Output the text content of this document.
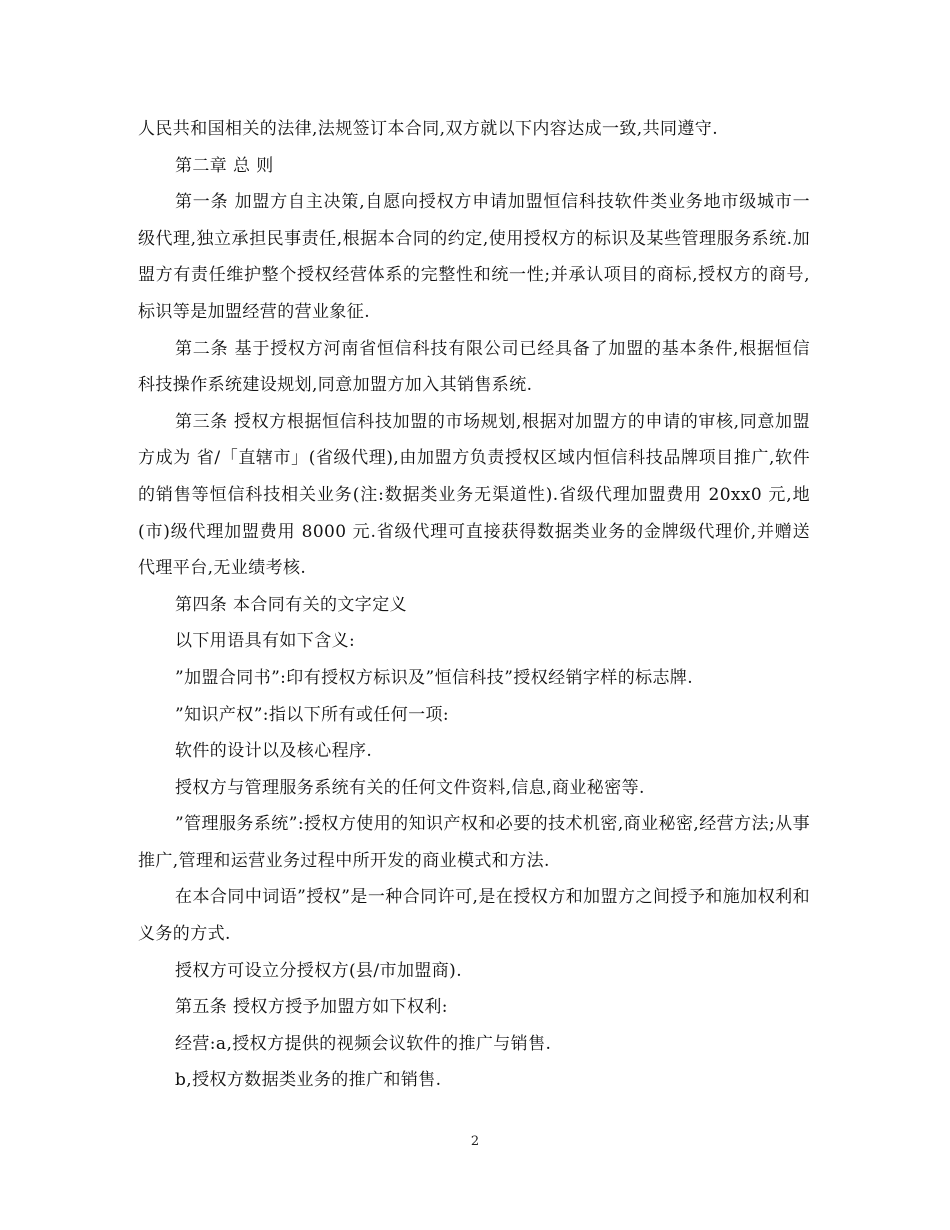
人民共和国相关的法律,法规签订本合同,双方就以下内容达成一致,共同遵守.

第二章 总 则

第一条 加盟方自主决策,自愿向授权方申请加盟恒信科技软件类业务地市级城市一级代理,独立承担民事责任,根据本合同的约定,使用授权方的标识及某些管理服务系统.加盟方有责任维护整个授权经营体系的完整性和统一性;并承认项目的商标,授权方的商号,标识等是加盟经营的营业象征.

第二条 基于授权方河南省恒信科技有限公司已经具备了加盟的基本条件,根据恒信科技操作系统建设规划,同意加盟方加入其销售系统.

第三条 授权方根据恒信科技加盟的市场规划,根据对加盟方的申请的审核,同意加盟方成为 省/「直辖市」(省级代理),由加盟方负责授权区域内恒信科技品牌项目推广,软件的销售等恒信科技相关业务(注:数据类业务无渠道性).省级代理加盟费用 20xx0 元,地(市)级代理加盟费用 8000 元.省级代理可直接获得数据类业务的金牌级代理价,并赠送代理平台,无业绩考核.

第四条 本合同有关的文字定义

以下用语具有如下含义:

”加盟合同书”:印有授权方标识及”恒信科技”授权经销字样的标志牌.

”知识产权”:指以下所有或任何一项:

软件的设计以及核心程序.

授权方与管理服务系统有关的任何文件资料,信息,商业秘密等.

”管理服务系统”:授权方使用的知识产权和必要的技术机密,商业秘密,经营方法;从事推广,管理和运营业务过程中所开发的商业模式和方法.

在本合同中词语”授权”是一种合同许可,是在授权方和加盟方之间授予和施加权利和义务的方式.

授权方可设立分授权方(县/市加盟商).

第五条 授权方授予加盟方如下权利:

经营:a,授权方提供的视频会议软件的推广与销售.

b,授权方数据类业务的推广和销售.

2
